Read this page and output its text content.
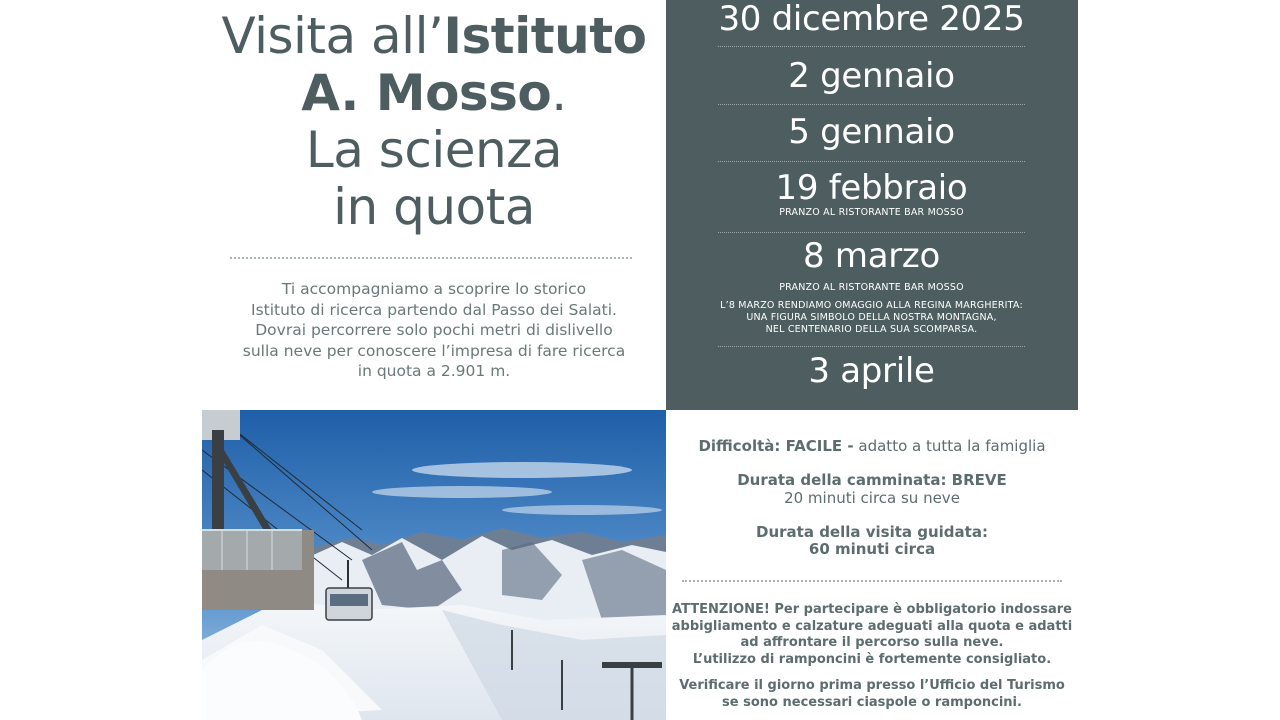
Visita all’Istituto
A. Mosso.
La scienza
in quota

Ti accompagniamo a scoprire lo storico
Istituto di ricerca partendo dal Passo dei Salati.
Dovrai percorrere solo pochi metri di dislivello
sulla neve per conoscere l’impresa di fare ricerca
in quota a 2.901 m.

30 dicembre 2025
2 gennaio
5 gennaio
19 febbraio
PRANZO AL RISTORANTE BAR MOSSO
8 marzo
PRANZO AL RISTORANTE BAR MOSSO
L’8 MARZO RENDIAMO OMAGGIO ALLA REGINA MARGHERITA:
UNA FIGURA SIMBOLO DELLA NOSTRA MONTAGNA,
NEL CENTENARIO DELLA SUA SCOMPARSA.
3 aprile

Difficoltà: FACILE - adatto a tutta la famiglia

Durata della camminata: BREVE

20 minuti circa su neve

Durata della visita guidata:

60 minuti circa

ATTENZIONE! Per partecipare è obbligatorio indossare
abbigliamento e calzature adeguati alla quota e adatti
ad affrontare il percorso sulla neve.
L’utilizzo di ramponcini è fortemente consigliato.
Verificare il giorno prima presso l’Ufficio del Turismo
se sono necessari ciaspole o ramponcini.
